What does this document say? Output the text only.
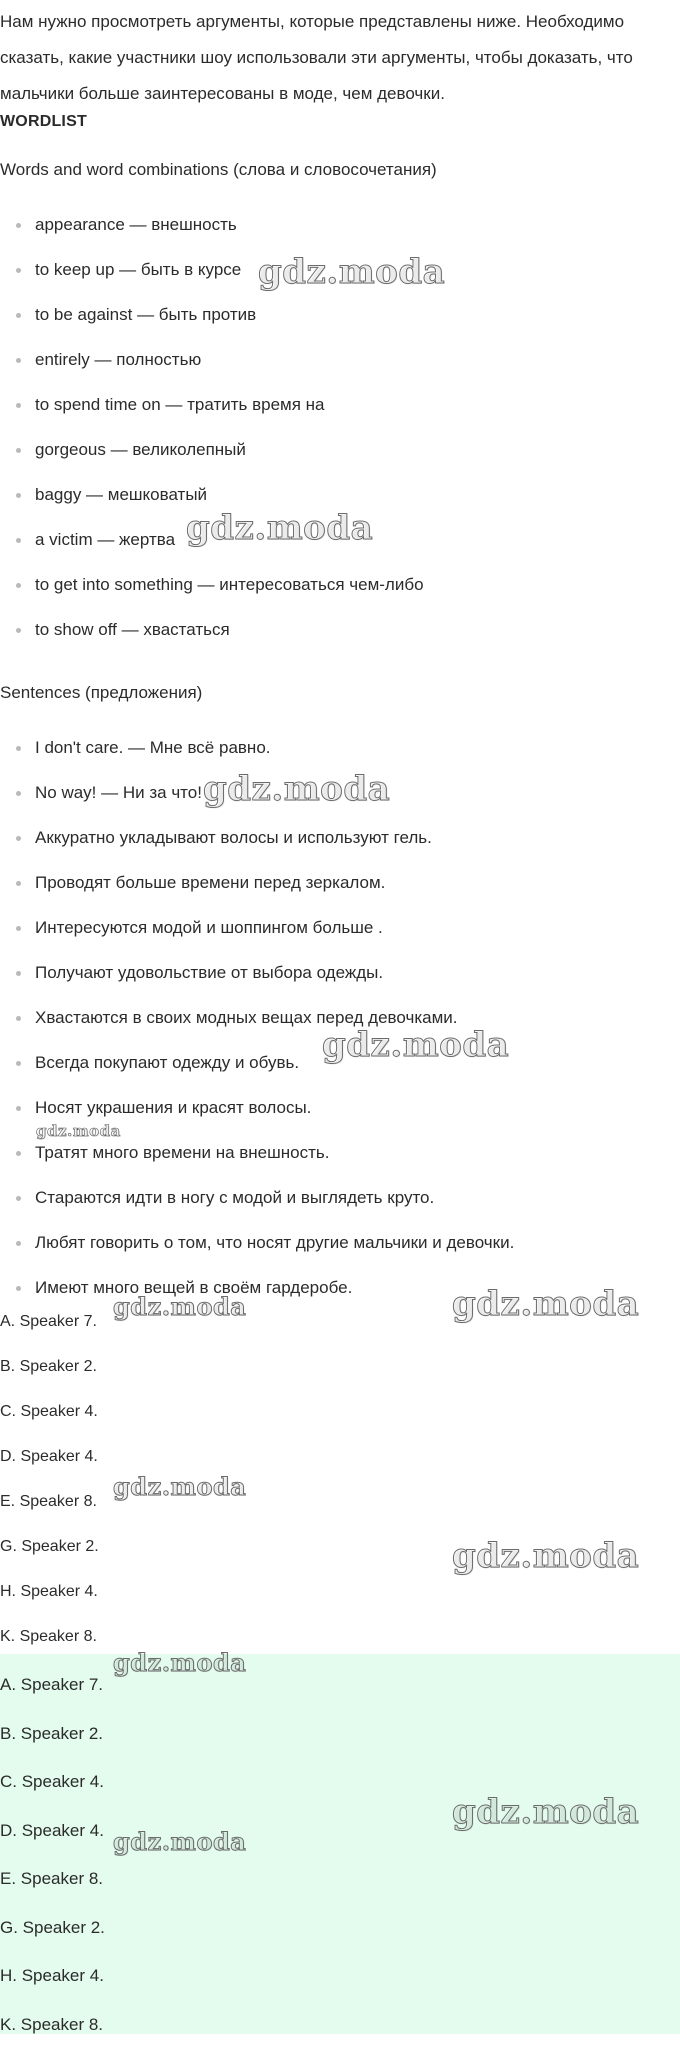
Нам нужно просмотреть аргументы, которые представлены ниже. Необходимо сказать, какие участники шоу использовали эти аргументы, чтобы доказать, что мальчики больше заинтересованы в моде, чем девочки.

WORDLIST

Words and word combinations (слова и словосочетания)

appearance — внешность
to keep up — быть в курсе
to be against — быть против
entirely — полностью
to spend time on — тратить время на
gorgeous — великолепный
baggy — мешковатый
a victim — жертва
to get into something — интересоваться чем-либо
to show off — хвастаться

Sentences (предложения)

I don't care. — Мне всё равно.
No way! — Ни за что!
Аккуратно укладывают волосы и используют гель.
Проводят больше времени перед зеркалом.
Интересуются модой и шоппингом больше .
Получают удовольствие от выбора одежды.
Хвастаются в своих модных вещах перед девочками.
Всегда покупают одежду и обувь.
Носят украшения и красят волосы.
Тратят много времени на внешность.
Стараются идти в ногу с модой и выглядеть круто.
Любят говорить о том, что носят другие мальчики и девочки.
Имеют много вещей в своём гардеробе.
A. Speaker 7.
B. Speaker 2.
C. Speaker 4.
D. Speaker 4.
E. Speaker 8.
G. Speaker 2.
H. Speaker 4.
K. Speaker 8.
A. Speaker 7.
B. Speaker 2.
C. Speaker 4.
D. Speaker 4.
E. Speaker 8.
G. Speaker 2.
H. Speaker 4.
K. Speaker 8.
gdz.moda
gdz.moda
gdz.moda
gdz.moda
gdz.moda
gdz.moda	gdz.moda
gdz.moda
gdz.moda
